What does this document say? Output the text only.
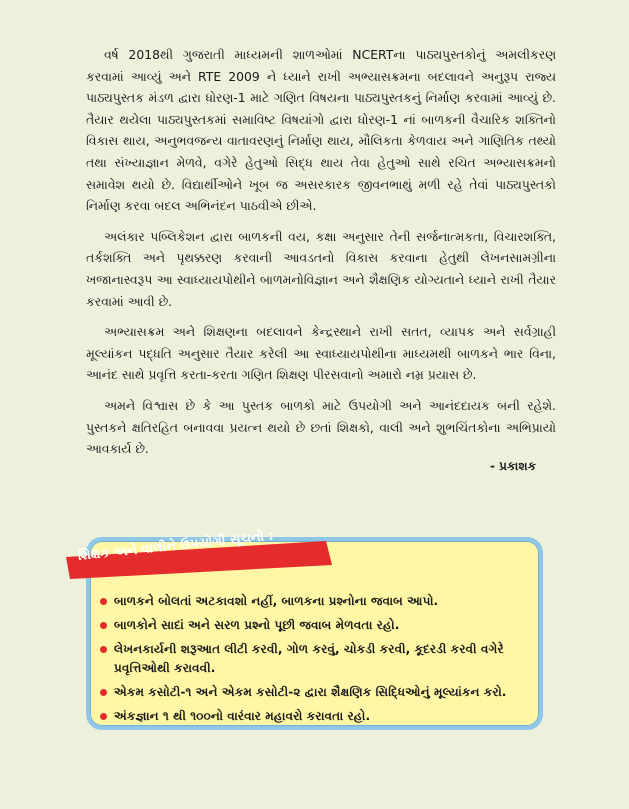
વર્ષ 2018થી ગુજરાતી માધ્યમની શાળઓમાં NCERTના પાઠ્યપુસ્તકોનું અમલીકરણ કરવામાં આવ્યું અને RTE 2009 ને ધ્યાને રાખી અભ્યાસક્રમના બદલાવને અનુરૂપ રાજ્ય પાઠ્યપુસ્તક મંડળ દ્વારા ધોરણ-1 માટે ગણિત વિષયના પાઠ્યપુસ્તકનું નિર્માણ કરવામાં આવ્યું છે. તૈયાર થયેલા પાઠ્યપુસ્તકમાં સમાવિષ્ટ વિષયાંગો દ્વારા ધોરણ-1 નાં બાળકની વૈચારિક શક્તિનો વિકાસ થાય, અનુભવજન્ય વાતાવરણનું નિર્માણ થાય, મૌલિકતા કેળવાય અને ગાણિતિક તથ્યો તથા સંખ્યાજ્ઞાન મેળવે, વગેરે હેતુઓ સિદ્ધ થાય તેવા હેતુઓ સાથે રચિત અભ્યાસક્રમનો સમાવેશ થયો છે. વિદ્યાર્થીઓને ખૂબ જ અસરકારક જીવનભાથું મળી રહે તેવાં પાઠ્યપુસ્તકો નિર્માણ કરવા બદલ અભિનંદન પાઠવીએ છીએ.

અલંકાર પબ્લિકેશન દ્વારા બાળકની વય, કક્ષા અનુસાર તેની સર્જનાત્મકતા, વિચારશક્તિ, તર્કશક્તિ અને પૃથક્કરણ કરવાની આવડતનો વિકાસ કરવાના હેતુથી લેખનસામગ્રીના ખજાનાસ્વરૂપ આ સ્વાધ્યાયપોથીને બાળમનોવિજ્ઞાન અને શૈક્ષણિક યોગ્યતાને ધ્યાને રાખી તૈયાર કરવામાં આવી છે.

અભ્યાસક્રમ અને શિક્ષણના બદલાવને કેન્દ્રસ્થાને રાખી સતત, વ્યાપક અને સર્વગ્રાહી મૂલ્યાંકન પદ્ધતિ અનુસાર તૈયાર કરેલી આ સ્વાધ્યાયપોથીના માધ્યમથી બાળકને ભાર વિના, આનંદ સાથે પ્રવૃત્તિ કરતા-કરતા ગણિત શિક્ષણ પીરસવાનો અમારો નમ્ર પ્રયાસ છે.

અમને વિશ્વાસ છે કે આ પુસ્તક બાળકો માટે ઉપયોગી અને આનંદદાયક બની રહેશે. પુસ્તકને ક્ષતિરહિત બનાવવા પ્રયત્ન થયો છે છતાં શિક્ષકો, વાલી અને શુભચિંતકોના અભિપ્રાયો આવકાર્ય છે.

- પ્રકાશક
શિક્ષક અને વાલીને ઉપયોગી સૂચનો :
બાળકને બોલતાં અટકાવશો નહીં, બાળકના પ્રશ્નોના જવાબ આપો.
બાળકોને સાદાં અને સરળ પ્રશ્નો પૂછી જવાબ મેળવતા રહો.
લેખનકાર્યની શરૂઆત લીટી કરવી, ગોળ કરવું, ચોકડી કરવી, કૂદરડી કરવી વગેરે પ્રવૃત્તિઓથી કરાવવી.
એકમ કસોટી-૧ અને એકમ કસોટી-૨ દ્વારા શૈક્ષણિક સિદ્ધિઓનું મૂલ્યાંકન કરો.
અંકજ્ઞાન ૧ થી ૧૦૦નો વારંવાર મહાવરો કરાવતા રહો.
